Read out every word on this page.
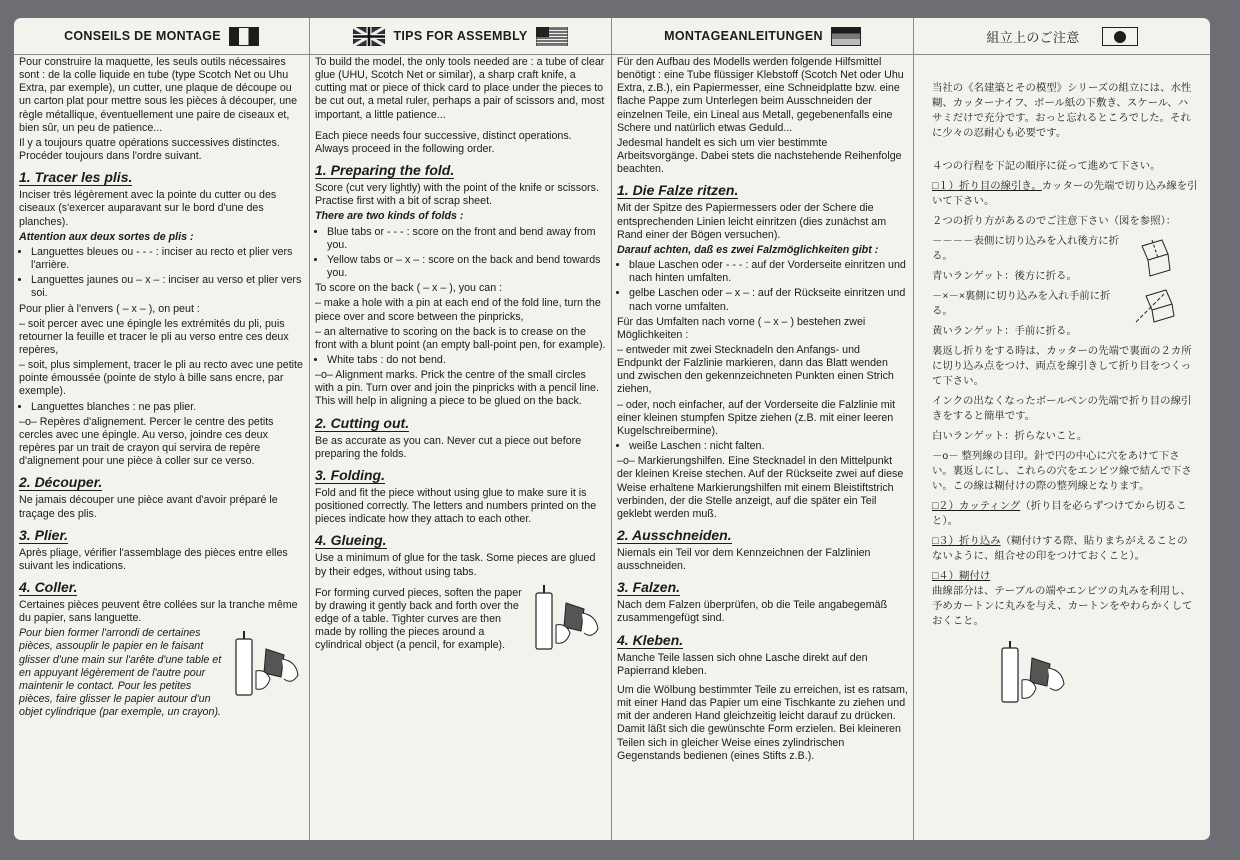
CONSEILS DE MONTAGE

Pour construire la maquette, les seuls outils nécessaires sont : de la colle liquide en tube (type Scotch Net ou Uhu Extra, par exemple), un cutter, une plaque de découpe ou un carton plat pour mettre sous les pièces à découper, une règle métallique, éventuellement une paire de ciseaux et, bien sûr, un peu de patience...

Il y a toujours quatre opérations successives distinctes. Procéder toujours dans l'ordre suivant.

1. Tracer les plis.

Inciser très légèrement avec la pointe du cutter ou des ciseaux (s'exercer auparavant sur le bord d'une des planches).

Attention aux deux sortes de plis :

• Languettes bleues ou - - - : inciser au recto et plier vers l'arrière.
• Languettes jaunes ou – x – : inciser au verso et plier vers soi.

Pour plier à l'envers ( – x – ), on peut :

– soit percer avec une épingle les extrémités du pli, puis retourner la feuille et tracer le pli au verso entre ces deux repères,

– soit, plus simplement, tracer le pli au recto avec une petite pointe émoussée (pointe de stylo à bille sans encre, par exemple).

• Languettes blanches : ne pas plier.

–o– Repères d'alignement. Percer le centre des petits cercles avec une épingle. Au verso, joindre ces deux repères par un trait de crayon qui servira de repère d'alignement pour une pièce à coller sur ce verso.

2. Découper.

Ne jamais découper une pièce avant d'avoir préparé le traçage des plis.

3. Plier.

Après pliage, vérifier l'assemblage des pièces entre elles suivant les indications.

4. Coller.

Certaines pièces peuvent être collées sur la tranche même du papier, sans languette.

Pour bien former l'arrondi de certaines pièces, assouplir le papier en le faisant glisser d'une main sur l'arête d'une table et en appuyant légèrement de l'autre pour maintenir le contact. Pour les petites pièces, faire glisser le papier autour d'un objet cylindrique (par exemple, un crayon).

TIPS FOR ASSEMBLY

To build the model, the only tools needed are : a tube of clear glue (UHU, Scotch Net or similar), a sharp craft knife, a cutting mat or piece of thick card to place under the pieces to be cut out, a metal ruler, perhaps a pair of scissors and, most important, a little patience...

Each piece needs four successive, distinct operations. Always proceed in the following order.

1. Preparing the fold.

Score (cut very lightly) with the point of the knife or scissors. Practise first with a bit of scrap sheet.

There are two kinds of folds :

• Blue tabs or - - - : score on the front and bend away from you.
• Yellow tabs or – x – : score on the back and bend towards you.

To score on the back ( – x – ), you can :

– make a hole with a pin at each end of the fold line, turn the piece over and score between the pinpricks,

– an alternative to scoring on the back is to crease on the front with a blunt point (an empty ball-point pen, for example).

• White tabs : do not bend.

–o– Alignment marks. Prick the centre of the small circles with a pin. Turn over and join the pinpricks with a pencil line. This will help in aligning a piece to be glued on the back.

2. Cutting out.

Be as accurate as you can. Never cut a piece out before preparing the folds.

3. Folding.

Fold and fit the piece without using glue to make sure it is positioned correctly. The letters and numbers printed on the pieces indicate how they attach to each other.

4. Glueing.

Use a minimum of glue for the task. Some pieces are glued by their edges, without using tabs.

For forming curved pieces, soften the paper by drawing it gently back and forth over the edge of a table. Tighter curves are then made by rolling the pieces around a cylindrical object (a pencil, for example).

MONTAGEANLEITUNGEN

Für den Aufbau des Modells werden folgende Hilfsmittel benötigt : eine Tube flüssiger Klebstoff (Scotch Net oder Uhu Extra, z.B.), ein Papiermesser, eine Schneidplatte bzw. eine flache Pappe zum Unterlegen beim Ausschneiden der einzelnen Teile, ein Lineal aus Metall, gegebenenfalls eine Schere und natürlich etwas Geduld...

Jedesmal handelt es sich um vier bestimmte Arbeitsvorgänge. Dabei stets die nachstehende Reihenfolge beachten.

1. Die Falze ritzen.

Mit der Spitze des Papiermessers oder der Schere die entsprechenden Linien leicht einritzen (dies zunächst am Rand einer der Bögen versuchen).

Darauf achten, daß es zwei Falzmöglichkeiten gibt :

• blaue Laschen oder - - - : auf der Vorderseite einritzen und nach hinten umfalten.
• gelbe Laschen oder – x – : auf der Rückseite einritzen und nach vorne umfalten.

Für das Umfalten nach vorne ( – x – ) bestehen zwei Möglichkeiten :

– entweder mit zwei Stecknadeln den Anfangs- und Endpunkt der Falzlinie markieren, dann das Blatt wenden und zwischen den gekennzeichneten Punkten einen Strich ziehen,

– oder, noch einfacher, auf der Vorderseite die Falzlinie mit einer kleinen stumpfen Spitze ziehen (z.B. mit einer leeren Kugelschreibermine).

• weiße Laschen : nicht falten.

–o– Markierungshilfen. Eine Stecknadel in den Mittelpunkt der kleinen Kreise stechen. Auf der Rückseite zwei auf diese Weise erhaltene Markierungshilfen mit einem Bleistiftstrich verbinden, der die Stelle anzeigt, auf die später ein Teil geklebt werden muß.

2. Ausschneiden.

Niemals ein Teil vor dem Kennzeichnen der Falzlinien ausschneiden.

3. Falzen.

Nach dem Falzen überprüfen, ob die Teile angabegemäß zusammengefügt sind.

4. Kleben.

Manche Teile lassen sich ohne Lasche direkt auf den Papierrand kleben.

Um die Wölbung bestimmter Teile zu erreichen, ist es ratsam, mit einer Hand das Papier um eine Tischkante zu ziehen und mit der anderen Hand gleichzeitig leicht darauf zu drücken. Damit läßt sich die gewünschte Form erzielen. Bei kleineren Teilen sich in gleicher Weise eines zylindrischen Gegenstands bedienen (eines Stifts z.B.).

組立上のご注意

当社の《名建築とその模型》シリーズの組立には、水性糊、カッターナイフ、ボール紙の下敷き、スケール、ハサミだけで充分です。おっと忘れるところでした。それに少々の忍耐心も必要です。

４つの行程を下記の順序に従って進めて下さい。

□１）折り目の線引き。カッターの先端で切り込み線を引いて下さい。

２つの折り方があるのでご注意下さい（図を参照）：

－－－－表側に切り込みを入れ後方に折る。

青いランゲット：後方に折る。

－×－×裏側に切り込みを入れ手前に折る。

黄いランゲット：手前に折る。

裏返し折りをする時は、カッターの先端で裏面の２カ所に切り込み点をつけ、両点を線引きして折り目をつくって下さい。

インクの出なくなったボールペンの先端で折り目の線引きをすると簡単です。

白いランゲット：折らないこと。

－o－ 整列線の目印。針で円の中心に穴をあけて下さい。裏返しにし、これらの穴をエンピツ線で結んで下さい。この線は糊付けの際の整列線となります。

□２）カッティング（折り目を必らずつけてから切ること）。

□３）折り込み（糊付けする際、貼りまちがえることのないように、組合せの印をつけておくこと）。

□４）糊付け

曲線部分は、テーブルの端やエンピツの丸みを利用し、予めカートンに丸みを与え、カートンをやわらかくしておくこと。
